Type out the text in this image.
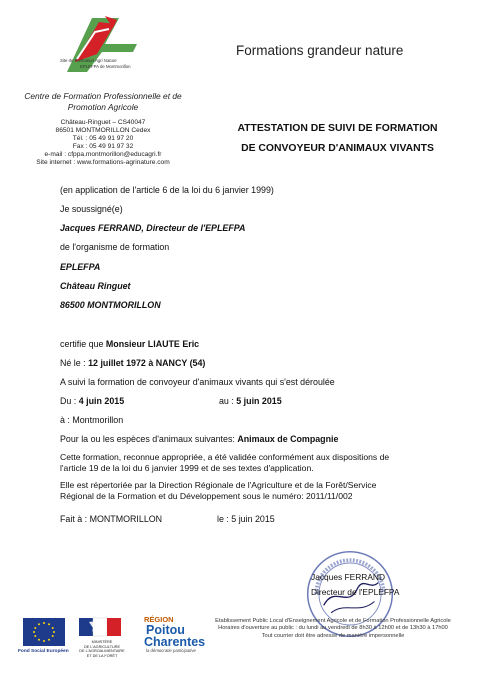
Site de Formation Agri Nature
EPLEFPA de Montmorillon
Formations grandeur nature
Centre de Formation Professionnelle et de
Promotion Agricole
Château-Ringuet – CS40047
86501 MONTMORILLON Cedex
Tél. : 05 49 91 97 20
Fax : 05 49 91 97 32
e-mail : cfppa.montmorillon@educagri.fr
Site internet : www.formations-agrinature.com
ATTESTATION DE SUIVI DE FORMATION
DE CONVOYEUR D'ANIMAUX VIVANTS
(en application de l'article 6 de la loi du 6 janvier 1999)
Je soussigné(e)
Jacques FERRAND, Directeur de l'EPLEFPA
de l'organisme de formation
EPLEFPA
Château Ringuet
86500 MONTMORILLON
certifie que Monsieur LIAUTE Eric
Né le : 12 juillet 1972 à NANCY (54)
A suivi la formation de convoyeur d'animaux vivants qui s'est déroulée
Du : 4 juin 2015	au : 5 juin 2015
à : Montmorillon
Pour la ou les espèces d'animaux suivantes: Animaux de Compagnie
Cette formation, reconnue appropriée, a été validée conformément aux dispositions de
l'article 19 de la loi du 6 janvier 1999 et de ses textes d'application.
Elle est répertoriée par la Direction Régionale de l'Agriculture et de la Forêt/Service
Régional de la Formation et du Développement sous le numéro: 2011/11/002
Fait à : MONTMORILLON	le : 5 juin 2015
Jacques FERRAND
Directeur de l'EPLEFPA
Fond Social Européen
MINISTÈRE
DE L'AGRICULTURE
DE L'AGROALIMENTAIRE
ET DE LA FORÊT
RÉGION
Poitou
Charentes
la démocratie participative
Etablissement Public Local d'Enseignement Agricole et de Formation Professionnelle Agricole
Horaires d'ouverture au public : du lundi au vendredi de 8h30 à 12h00 et de 13h30 à 17h00
Tout courrier doit être adressé de manière impersonnelle
